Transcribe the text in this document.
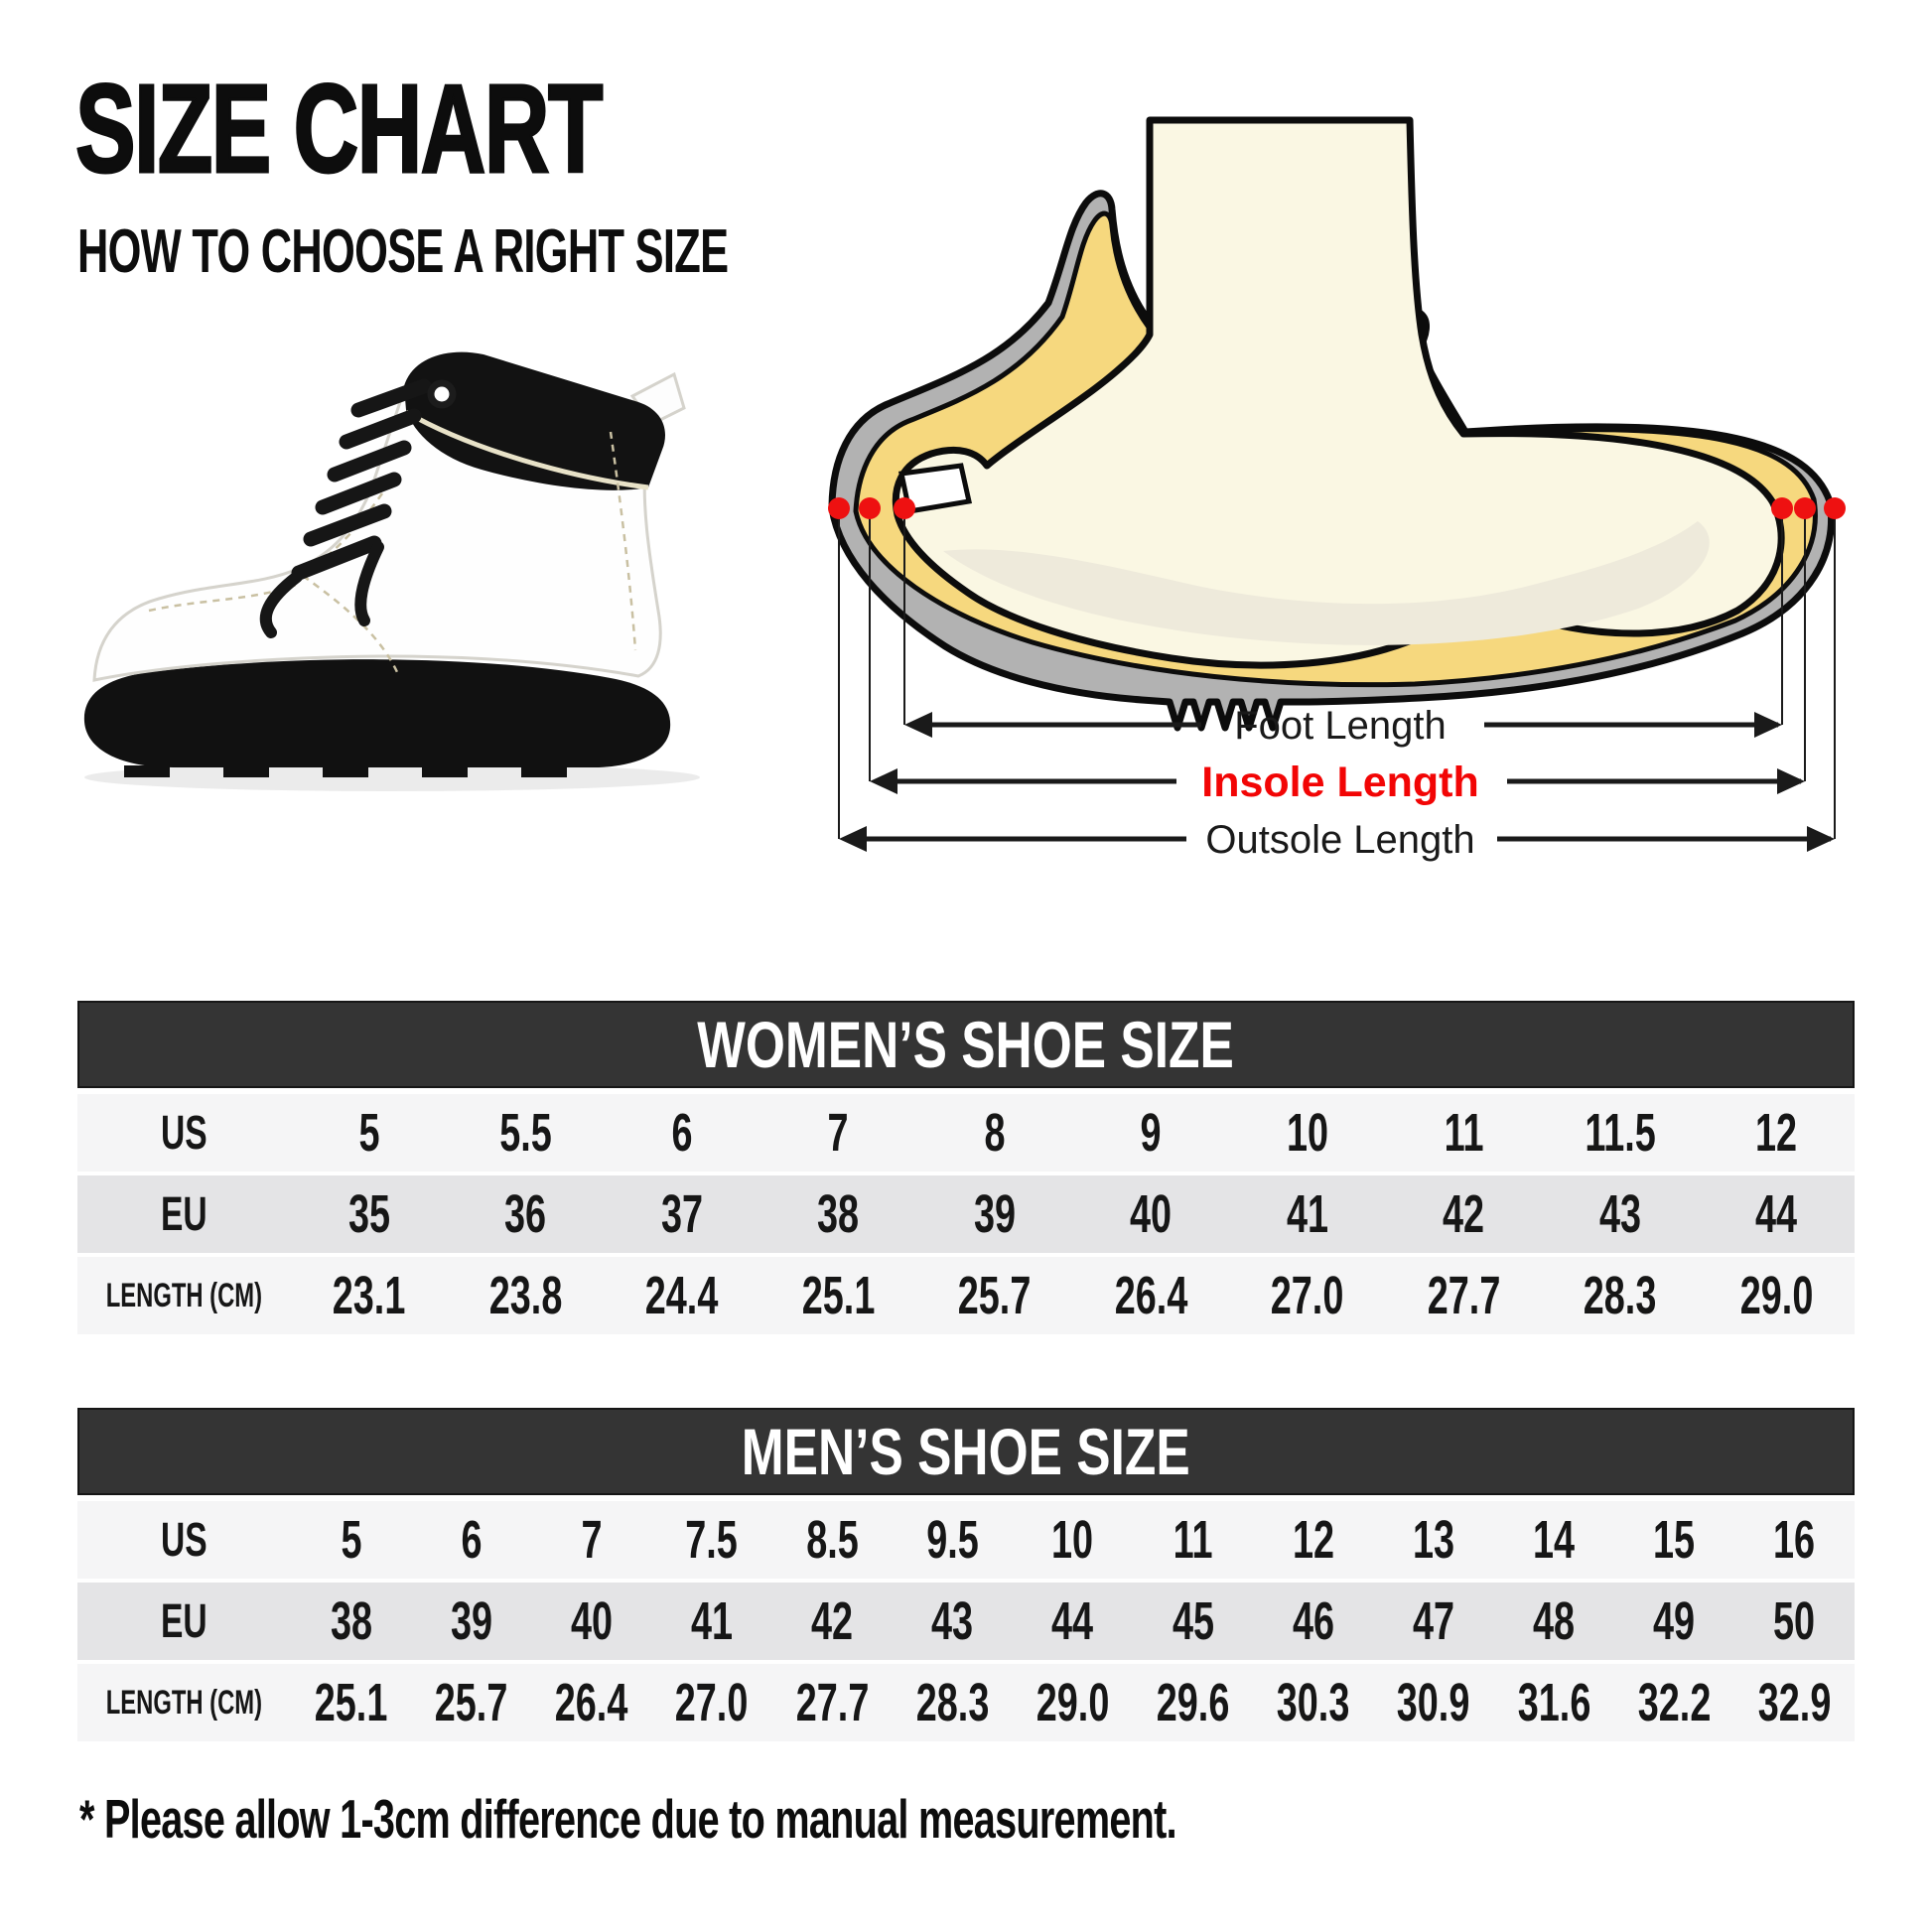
SIZE CHART
HOW TO CHOOSE A RIGHT SIZE
Foot Length
Insole Length
Outsole Length
WOMEN’S SHOE SIZE
US	5 5.5 6	7	8	9 10 11 11.5 12
EU	35 36 37 38 39 40 41 42 43 44
LENGTH (CM) 23.1 23.8 24.4 25.1 25.7 26.4 27.0 27.7 28.3 29.0
MEN’S SHOE SIZE
US 5 6 7 7.5 8.5 9.5 10 11 12 13 14 15 16
EU 38 39 40 41 42 43 44 45 46 47 48 49 50
LENGTH (CM) 25.1 25.7 26.4 27.0 27.7 28.3 29.0 29.6 30.3 30.9 31.6 32.2 32.9
* Please allow 1-3cm difference due to manual measurement.
